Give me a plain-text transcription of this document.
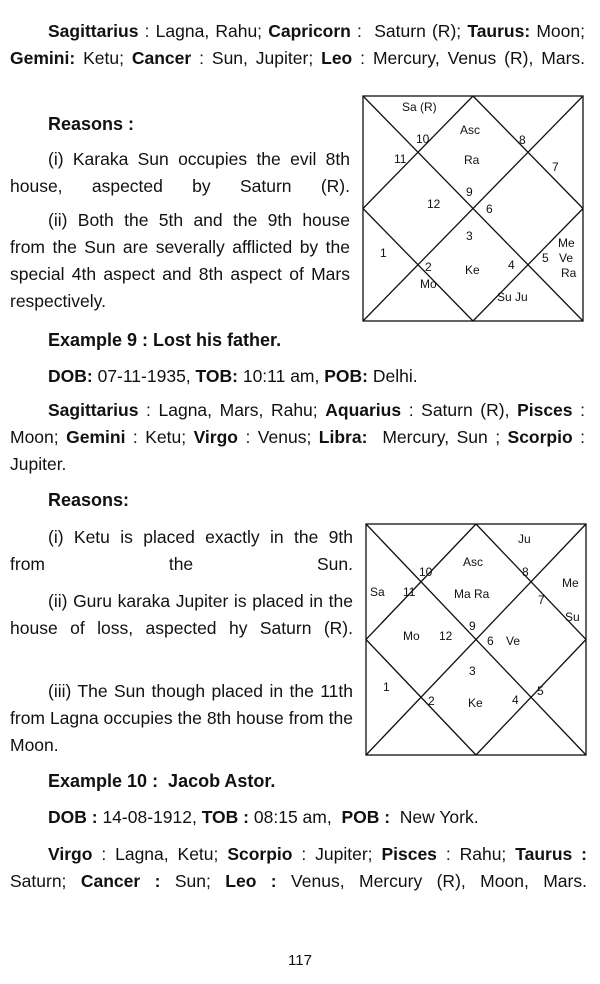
Sagittarius : Lagna, Rahu; Capricorn :  Saturn (R); Taurus: Moon; Gemini: Ketu; Cancer : Sun, Jupiter; Leo : Mercury, Venus (R), Mars.

Reasons :

(i) Karaka Sun occupies the evil 8th house, aspected by Saturn (R).

(ii) Both the 5th and the 9th house from the Sun are severally afflicted by the special 4th aspect and 8th aspect of Mars respectively.

Sa (R)
Asc
Ra
10
11
8
7
9
12	6
3
1
2
Mo
Ke 4 5
Me
Ve
Ra
Su Ju

Example 9 : Lost his father.

DOB: 07-11-1935, TOB: 10:11 am, POB: Delhi.

Sagittarius : Lagna, Mars, Rahu; Aquarius : Saturn (R), Pisces : Moon; Gemini : Ketu; Virgo : Venus; Libra:  Mercury, Sun ; Scorpio : Jupiter.

Reasons:

(i) Ketu is placed exactly in the 9th from the Sun.

(ii) Guru karaka Jupiter is placed in the house of loss, aspected hy Saturn (R).

(iii) The Sun though placed in the 11th from Lagna occupies the 8th house from the Moon.

Ju
Asc
Ma Ra
10	8
Sa 11
Me
7
Su
9
Mo 12	6 Ve
3
1
2	Ke 4
5

Example 10 :  Jacob Astor.

DOB : 14-08-1912, TOB : 08:15 am,  POB :  New York.

Virgo : Lagna, Ketu; Scorpio : Jupiter; Pisces : Rahu; Taurus : Saturn; Cancer : Sun; Leo : Venus, Mercury (R), Moon, Mars.

117
